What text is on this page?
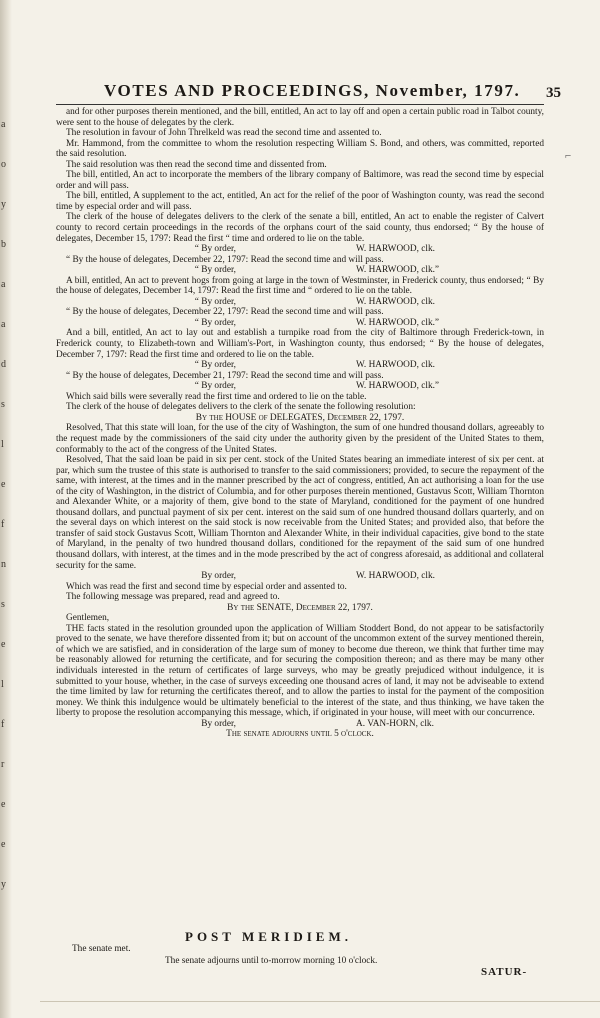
a
o
y
b
a
a
d
s
l
e
f
n
s
e
l
f
r
e
e
y
VOTES AND PROCEEDINGS, November, 1797. 35
⌐

and for other purposes therein mentioned, and the bill, entitled, An act to lay off and open a certain public road in Talbot county, were sent to the house of delegates by the clerk.

The resolution in favour of John Threlkeld was read the second time and assented to.

Mr. Hammond, from the committee to whom the resolution respecting William S. Bond, and others, was committed, reported the said resolution.

The said resolution was then read the second time and dissented from.

The bill, entitled, An act to incorporate the members of the library company of Baltimore, was read the second time by especial order and will pass.

The bill, entitled, A supplement to the act, entitled, An act for the relief of the poor of Washington county, was read the second time by especial order and will pass.

The clerk of the house of delegates delivers to the clerk of the senate a bill, entitled, An act to enable the register of Calvert county to record certain proceedings in the records of the orphans court of the said county, thus endorsed; “ By the house of delegates, December 15, 1797: Read the first “ time and ordered to lie on the table.

“ By order,	W. HARWOOD, clk.

“ By the house of delegates, December 22, 1797: Read the second time and will pass.

“ By order,	W. HARWOOD, clk.”

A bill, entitled, An act to prevent hogs from going at large in the town of Westminster, in Frederick county, thus endorsed; “ By the house of delegates, December 14, 1797: Read the first time and “ ordered to lie on the table.

“ By order,	W. HARWOOD, clk.

“ By the house of delegates, December 22, 1797: Read the second time and will pass.

“ By order,	W. HARWOOD, clk.”

And a bill, entitled, An act to lay out and establish a turnpike road from the city of Baltimore through Frederick-town, in Frederick county, to Elizabeth-town and William's-Port, in Washington county, thus endorsed; “ By the house of delegates, December 7, 1797: Read the first time and ordered to lie on the table.

“ By order,	W. HARWOOD, clk.

“ By the house of delegates, December 21, 1797: Read the second time and will pass.

“ By order,	W. HARWOOD, clk.”

Which said bills were severally read the first time and ordered to lie on the table.

The clerk of the house of delegates delivers to the clerk of the senate the following resolution:

By the HOUSE of DELEGATES, December 22, 1797.

Resolved, That this state will loan, for the use of the city of Washington, the sum of one hundred thousand dollars, agreeably to the request made by the commissioners of the said city under the authority given by the president of the United States to them, conformably to the act of the congress of the United States.

Resolved, That the said loan be paid in six per cent. stock of the United States bearing an immediate interest of six per cent. at par, which sum the trustee of this state is authorised to transfer to the said commissioners; provided, to secure the repayment of the same, with interest, at the times and in the manner prescribed by the act of congress, entitled, An act authorising a loan for the use of the city of Washington, in the district of Columbia, and for other purposes therein mentioned, Gustavus Scott, William Thornton and Alexander White, or a majority of them, give bond to the state of Maryland, conditioned for the payment of one hundred thousand dollars, and punctual payment of six per cent. interest on the said sum of one hundred thousand dollars quarterly, and on the several days on which interest on the said stock is now receivable from the United States; and provided also, that before the transfer of said stock Gustavus Scott, William Thornton and Alexander White, in their individual capacities, give bond to the state of Maryland, in the penalty of two hundred thousand dollars, conditioned for the repayment of the said sum of one hundred thousand dollars, with interest, at the times and in the mode prescribed by the act of congress aforesaid, as additional and collateral security for the same.

By order,	W. HARWOOD, clk.

Which was read the first and second time by especial order and assented to.

The following message was prepared, read and agreed to.

By the SENATE, December 22, 1797.

Gentlemen,

THE facts stated in the resolution grounded upon the application of William Stoddert Bond, do not appear to be satisfactorily proved to the senate, we have therefore dissented from it; but on account of the uncommon extent of the survey mentioned therein, of which we are satisfied, and in consideration of the large sum of money to become due thereon, we think that further time may be reasonably allowed for returning the certificate, and for securing the composition thereon; and as there may be many other individuals interested in the return of certificates of large surveys, who may be greatly prejudiced without indulgence, it is submitted to your house, whether, in the case of surveys exceeding one thousand acres of land, it may not be adviseable to extend the time limited by law for returning the certificates thereof, and to allow the parties to instal for the payment of the composition money. We think this indulgence would be ultimately beneficial to the interest of the state, and thus thinking, we have taken the liberty to propose the resolution accompanying this message, which, if originated in your house, will meet with our concurrence.

By order,	A. VAN-HORN, clk.

The senate adjourns until 5 o'clock.

POST MERIDIEM.
The senate met.
The senate adjourns until to-morrow morning 10 o'clock.
SATUR-
